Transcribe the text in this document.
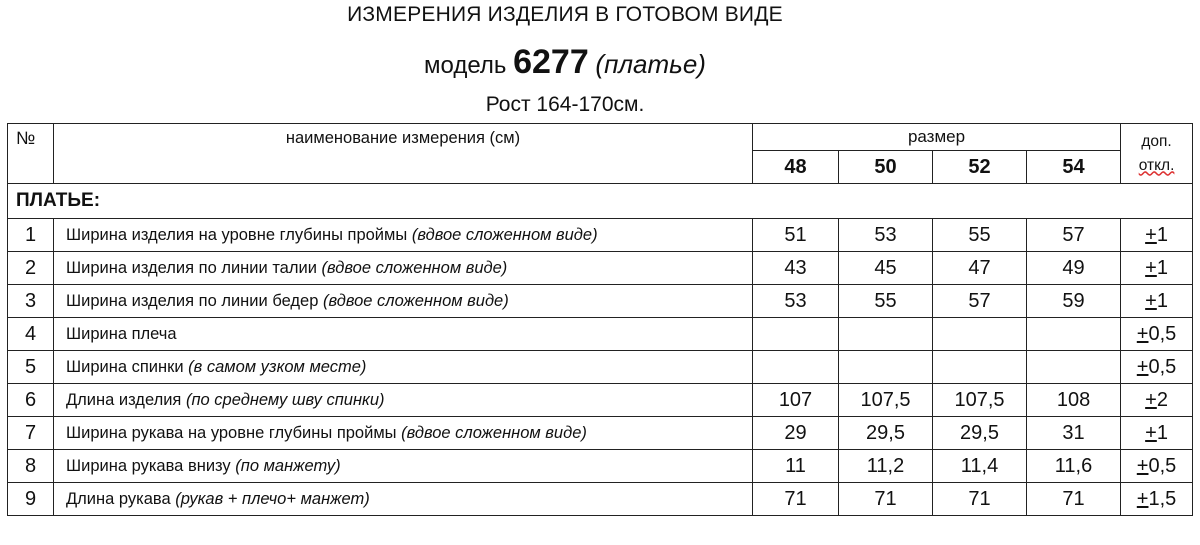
ИЗМЕРЕНИЯ ИЗДЕЛИЯ В ГОТОВОМ ВИДЕ
модель 6277 (платье)
Рост 164-170см.
№	наименование измерения (см)	размер				доп.
откл.

		48	50	52	54	
ПЛАТЬЕ:						
1	Ширина изделия на уровне глубины проймы (вдвое сложенном виде)	51	53	55	57	+1
2	Ширина изделия по линии талии (вдвое сложенном виде)	43	45	47	49	+1
3	Ширина изделия по линии бедер (вдвое сложенном виде)	53	55	57	59	+1
4	Ширина плеча					+0,5
5	Ширина спинки (в самом узком месте)					+0,5
6	Длина изделия (по среднему шву спинки)	107	107,5	107,5	108	+2
7	Ширина рукава на уровне глубины проймы (вдвое сложенном виде)	29	29,5	29,5	31	+1
8	Ширина рукава внизу (по манжету)	11	11,2	11,4	11,6	+0,5
9	Длина рукава (рукав + плечо+ манжет)	71	71	71	71	+1,5
